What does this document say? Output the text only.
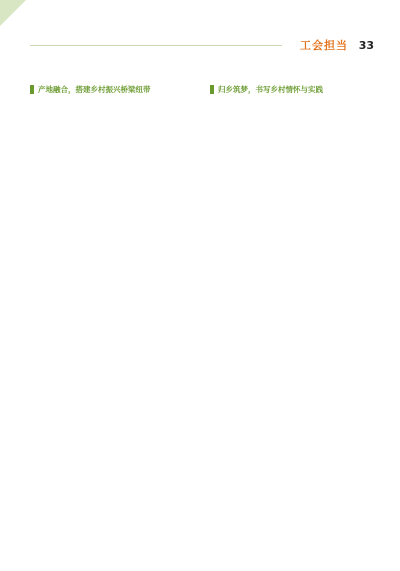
工会担当 33

产地融合，搭建乡村振兴桥梁纽带	归乡筑梦，书写乡村情怀与实践
